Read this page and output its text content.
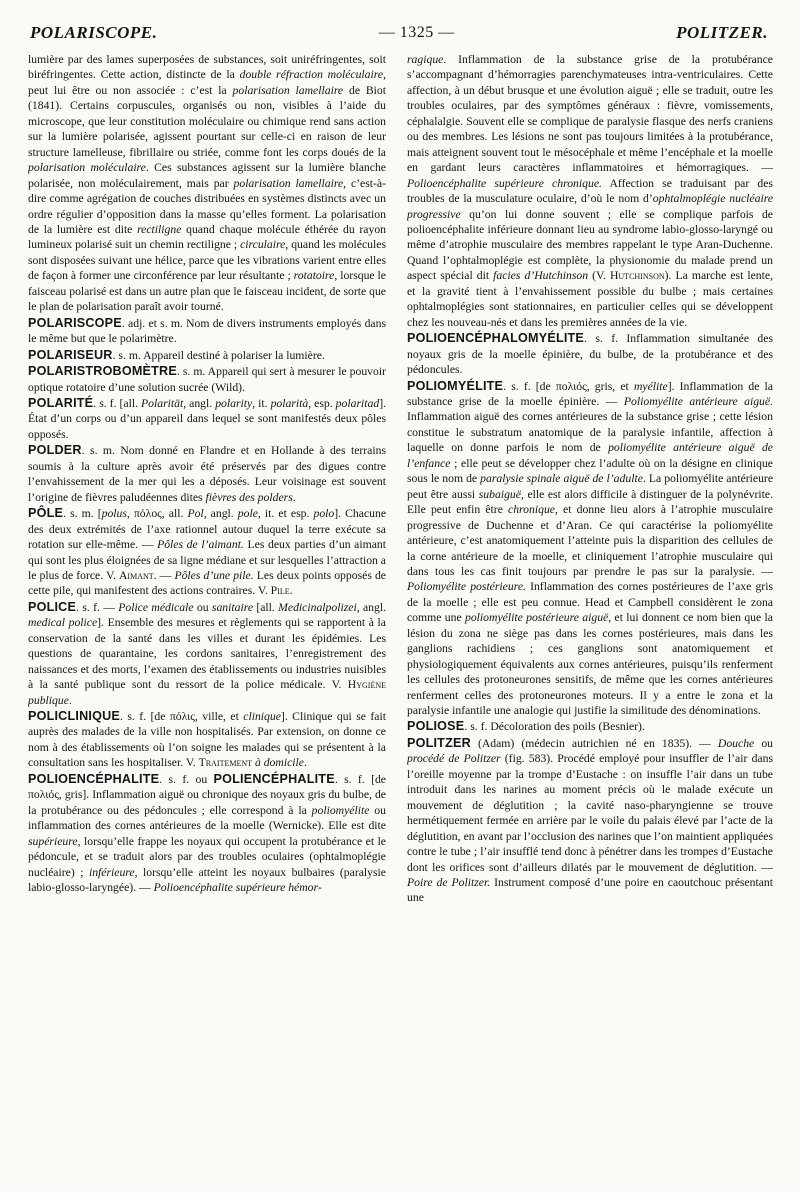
POLARISCOPE.	— 1325 —	POLITZER.

lumière par des lames superposées de substances, soit uniréfringentes, soit biréfringentes. Cette action, distincte de la double réfraction moléculaire, peut lui être ou non associée : c’est la polarisation lamellaire de Biot (1841). Certains corpuscules, organisés ou non, visibles à l’aide du microscope, que leur constitution moléculaire ou chimique rend sans action sur la lumière polarisée, agissent pourtant sur celle-ci en raison de leur structure lamelleuse, fibrillaire ou striée, comme font les corps doués de la polarisation moléculaire. Ces substances agissent sur la lumière blanche polarisée, non moléculairement, mais par polarisation lamellaire, c’est-à-dire comme agrégation de couches distribuées en systèmes distincts avec un ordre régulier d’opposition dans la masse qu’elles forment. La polarisation de la lumière est dite rectiligne quand chaque molécule éthérée du rayon lumineux polarisé suit un chemin rectiligne ; circulaire, quand les molécules sont disposées suivant une hélice, parce que les vibrations varient entre elles de façon à former une circonférence par leur résultante ; rotatoire, lorsque le faisceau polarisé est dans un autre plan que le faisceau incident, de sorte que le plan de polarisation paraît avoir tourné.

POLARISCOPE. adj. et s. m. Nom de divers instruments employés dans le même but que le polarimètre.

POLARISEUR. s. m. Appareil destiné à polariser la lumière.

POLARISTROBOMÈTRE. s. m. Appareil qui sert à mesurer le pouvoir optique rotatoire d’une solution sucrée (Wild).

POLARITÉ. s. f. [all. Polarität, angl. polarity, it. polarità, esp. polaritad]. État d’un corps ou d’un appareil dans lequel se sont manifestés deux pôles opposés.

POLDER. s. m. Nom donné en Flandre et en Hollande à des terrains soumis à la culture après avoir été préservés par des digues contre l’envahissement de la mer qui les a déposés. Leur voisinage est souvent l’origine de fièvres paludéennes dites fièvres des polders.

PÔLE. s. m. [polus, πόλος, all. Pol, angl. pole, it. et esp. polo]. Chacune des deux extrémités de l’axe rationnel autour duquel la terre exécute sa rotation sur elle-même. — Pôles de l’aimant. Les deux parties d’un aimant qui sont les plus éloignées de sa ligne médiane et sur lesquelles l’attraction a le plus de force. V. Aimant. — Pôles d’une pile. Les deux points opposés de cette pile, qui manifestent des actions contraires. V. Pile.

POLICE. s. f. — Police médicale ou sanitaire [all. Medicinalpolizei, angl. medical police]. Ensemble des mesures et règlements qui se rapportent à la conservation de la santé dans les villes et durant les épidémies. Les questions de quarantaine, les cordons sanitaires, l’enregistrement des naissances et des morts, l’examen des établissements ou industries nuisibles à la santé publique sont du ressort de la police médicale. V. Hygiène publique.

POLICLINIQUE. s. f. [de πόλις, ville, et clinique]. Clinique qui se fait auprès des malades de la ville non hospitalisés. Par extension, on donne ce nom à des établissements où l’on soigne les malades qui se présentent à la consultation sans les hospitaliser. V. Traitement à domicile.

POLIOENCÉPHALITE. s. f. ou POLIENCÉPHALITE. s. f. [de πολιός, gris]. Inflammation aiguë ou chronique des noyaux gris du bulbe, de la protubérance ou des pédoncules ; elle correspond à la poliomyélite ou inflammation des cornes antérieures de la moelle (Wernicke). Elle est dite supérieure, lorsqu’elle frappe les noyaux qui occupent la protubérance et le pédoncule, et se traduit alors par des troubles oculaires (ophtalmoplégie nucléaire) ; inférieure, lorsqu’elle atteint les noyaux bulbaires (paralysie labio-glosso-laryngée). — Polioencéphalite supérieure hémor-

ragique. Inflammation de la substance grise de la protubérance s’accompagnant d’hémorragies parenchymateuses intra-ventriculaires. Cette affection, à un début brusque et une évolution aiguë ; elle se traduit, outre les troubles oculaires, par des symptômes généraux : fièvre, vomissements, céphalalgie. Souvent elle se complique de paralysie flasque des nerfs craniens ou des membres. Les lésions ne sont pas toujours limitées à la protubérance, mais atteignent souvent tout le mésocéphale et même l’encéphale et la moelle en gardant leurs caractères inflammatoires et hémorragiques. — Polioencéphalite supérieure chronique. Affection se traduisant par des troubles de la musculature oculaire, d’où le nom d’ophtalmoplégie nucléaire progressive qu’on lui donne souvent ; elle se complique parfois de polioencéphalite inférieure donnant lieu au syndrome labio-glosso-laryngé ou même d’atrophie musculaire des membres rappelant le type Aran-Duchenne. Quand l’ophtalmoplégie est complète, la physionomie du malade prend un aspect spécial dit facies d’Hutchinson (V. Hutchinson). La marche est lente, et la gravité tient à l’envahissement possible du bulbe ; mais certaines ophtalmoplégies sont stationnaires, en particulier celles qui se développent chez les nouveau-nés et dans les premières années de la vie.

POLIOENCÉPHALOMYÉLITE. s. f. Inflammation simultanée des noyaux gris de la moelle épinière, du bulbe, de la protubérance et des pédoncules.

POLIOMYÉLITE. s. f. [de πολιός, gris, et myélite]. Inflammation de la substance grise de la moelle épinière. — Poliomyélite antérieure aiguë. Inflammation aiguë des cornes antérieures de la substance grise ; cette lésion constitue le substratum anatomique de la paralysie infantile, affection à laquelle on donne parfois le nom de poliomyélite antérieure aiguë de l’enfance ; elle peut se développer chez l’adulte où on la désigne en clinique sous le nom de paralysie spinale aiguë de l’adulte. La poliomyélite antérieure peut être aussi subaiguë, elle est alors difficile à distinguer de la polynévrite. Elle peut enfin être chronique, et donne lieu alors à l’atrophie musculaire progressive de Duchenne et d’Aran. Ce qui caractérise la poliomyélite antérieure, c’est anatomiquement l’atteinte puis la disparition des cellules de la corne antérieure de la moelle, et cliniquement l’atrophie musculaire qui dans tous les cas finit toujours par prendre le pas sur la paralysie. — Poliomyélite postérieure. Inflammation des cornes postérieures de l’axe gris de la moelle ; elle est peu connue. Head et Campbell considèrent le zona comme une poliomyélite postérieure aiguë, et lui donnent ce nom bien que la lésion du zona ne siège pas dans les cornes postérieures, mais dans les ganglions rachidiens ; ces ganglions sont anatomiquement et physiologiquement équivalents aux cornes antérieures, puisqu’ils renferment les cellules des protoneurones sensitifs, de même que les cornes antérieures renferment celles des protoneurones moteurs. Il y a entre le zona et la paralysie infantile une analogie qui justifie la similitude des dénominations.

POLIOSE. s. f. Décoloration des poils (Besnier).

POLITZER (Adam) (médecin autrichien né en 1835). — Douche ou procédé de Politzer (fig. 583). Procédé employé pour insuffler de l’air dans l’oreille moyenne par la trompe d’Eustache : on insuffle l’air dans un tube introduit dans les narines au moment précis où le malade exécute un mouvement de déglutition ; la cavité naso-pharyngienne se trouve hermétiquement fermée en arrière par le voile du palais élevé par l’acte de la déglutition, en avant par l’occlusion des narines que l’on maintient appliquées contre le tube ; l’air insufflé tend donc à pénétrer dans les trompes d’Eustache dont les orifices sont d’ailleurs dilatés par le mouvement de déglutition. — Poire de Politzer. Instrument composé d’une poire en caoutchouc présentant une
